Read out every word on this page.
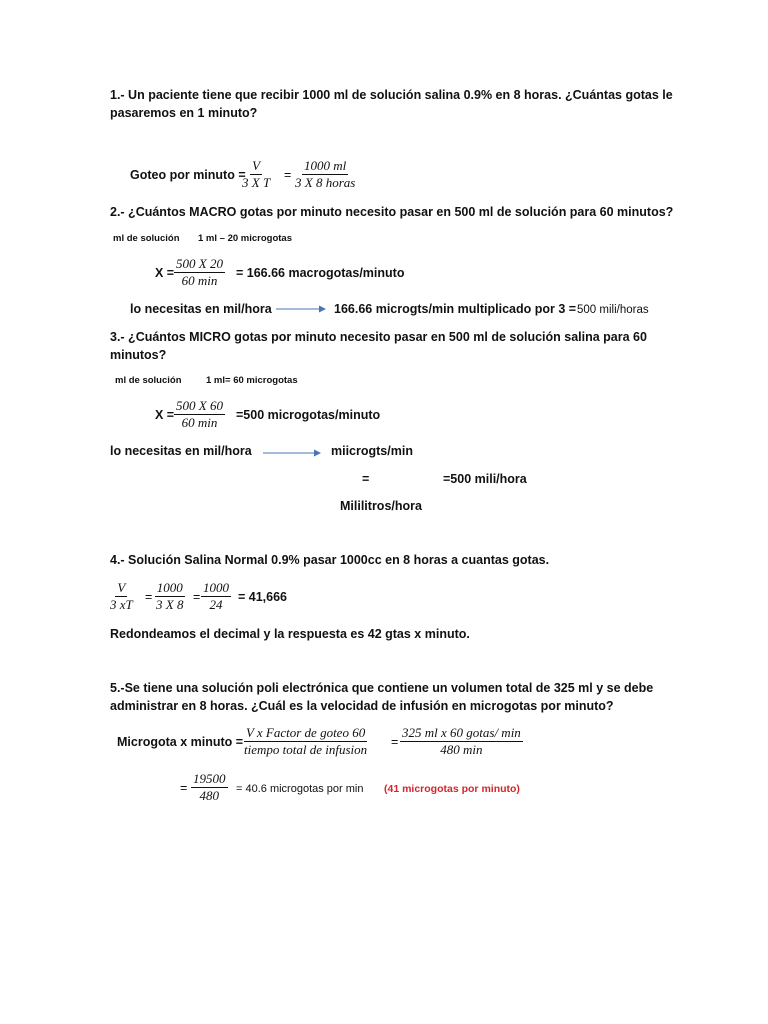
1.- Un paciente tiene que recibir 1000 ml de solución salina 0.9% en 8 horas. ¿Cuántas gotas le
pasaremos en 1 minuto?
Goteo por minuto =
$\frac{V}{\text{3 X T}}$ =
1000 ml
3 X 8 horas
2.- ¿Cuántos MACRO gotas por minuto necesito pasar en 500 ml de solución para 60 minutos?
ml de solución 1 ml – 20 microgotas
X =
500 X 20
60 min = 166.66 macrogotas/minuto
lo necesitas en mil/hora	166.66 microgts/min multiplicado por 3 = 500 mili/horas
3.- ¿Cuántos MICRO gotas por minuto necesito pasar en 500 ml de solución salina para 60
minutos?
ml de solución	1 ml= 60 microgotas
X =
500 X 60
60 min =500 microgotas/minuto
lo necesitas en mil/hora	miicrogts/min
=	=500 mili/hora
Mililitros/hora
4.- Solución Salina Normal 0.9% pasar 1000cc en 8 horas a cuantas gotas.
$\frac{V}{3 xT} = \frac{1000}{3 X 8} = \frac{1000}{24} = 41,666$
Redondeamos el decimal y la respuesta es 42 gtas x minuto.
5.-Se tiene una solución poli electrónica que contiene un volumen total de 325 ml y se debe
administrar en 8 horas. ¿Cuál es la velocidad de infusión en microgotas por minuto?
Microgota x minuto =
V x Factor de goteo 60
tiempo total de infusion =
325 ml x 60 gotas/ min
480 min
= $\frac{19500}{480} = 40.6$ microgotas por min (41 microgotas por minuto)
